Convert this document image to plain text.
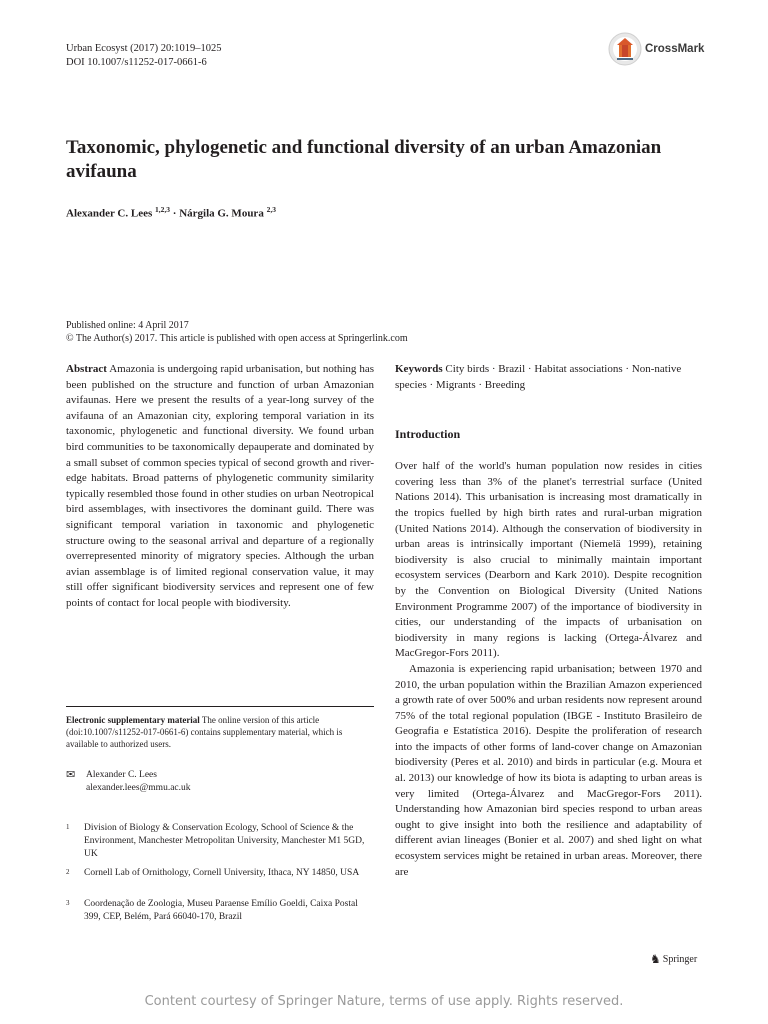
Urban Ecosyst (2017) 20:1019–1025
DOI 10.1007/s11252-017-0661-6
CrossMark
Taxonomic, phylogenetic and functional diversity of an urban Amazonian avifauna
Alexander C. Lees $^{1,2,3}$ · Nárgila G. Moura $^{2,3}$
Published online: 4 April 2017
© The Author(s) 2017. This article is published with open access at Springerlink.com

Abstract Amazonia is undergoing rapid urbanisation, but nothing has been published on the structure and function of urban Amazonian avifaunas. Here we present the results of a year-long survey of the avifauna of an Amazonian city, exploring temporal variation in its taxonomic, phylogenetic and functional diversity. We found urban bird communities to be taxonomically depauperate and dominated by a small subset of common species typical of second growth and river-edge habitats. Broad patterns of phylogenetic community similarity typically resembled those found in other studies on urban Neotropical bird assemblages, with insectivores the dominant guild. There was significant temporal variation in taxonomic and phylogenetic structure owing to the seasonal arrival and departure of a regionally overrepresented minority of migratory species. Although the urban avian assemblage is of limited regional conservation value, it may still offer significant biodiversity services and represent one of few points of contact for local people with biodiversity.

Electronic supplementary material The online version of this article (doi:10.1007/s11252-017-0661-6) contains supplementary material, which is available to authorized users.
✉	Alexander C. Lees
alexander.lees@mmu.ac.uk
1	Division of Biology & Conservation Ecology, School of Science & the Environment, Manchester Metropolitan University, Manchester M1 5GD, UK
2	Cornell Lab of Ornithology, Cornell University, Ithaca, NY 14850, USA
3	Coordenação de Zoologia, Museu Paraense Emílio Goeldi, Caixa Postal 399, CEP, Belém, Pará 66040-170, Brazil

Keywords City birds · Brazil · Habitat associations · Non-native species · Migrants · Breeding

Introduction

Over half of the world's human population now resides in cities covering less than 3% of the planet's terrestrial surface (United Nations 2014). This urbanisation is increasing most dramatically in the tropics fuelled by high birth rates and rural-urban migration (United Nations 2014). Although the conservation of biodiversity in urban areas is intrinsically important (Niemelä 1999), retaining biodiversity is also crucial to minimally maintain important ecosystem services (Dearborn and Kark 2010). Despite recognition by the Convention on Biological Diversity (United Nations Environment Programme 2007) of the importance of biodiversity in cities, our understanding of the impacts of urbanisation on biodiversity in many regions is lacking (Ortega-Álvarez and MacGregor-Fors 2011).

Amazonia is experiencing rapid urbanisation; between 1970 and 2010, the urban population within the Brazilian Amazon experienced a growth rate of over 500% and urban residents now represent around 75% of the total regional population (IBGE - Instituto Brasileiro de Geografia e Estatística 2016). Despite the proliferation of research into the impacts of other forms of land-cover change on Amazonian biodiversity (Peres et al. 2010) and birds in particular (e.g. Moura et al. 2013) our knowledge of how its biota is adapting to urban areas is very limited (Ortega-Álvarez and MacGregor-Fors 2011). Understanding how Amazonian bird species respond to urban areas ought to give insight into both the resilience and adaptability of different avian lineages (Bonier et al. 2007) and shed light on what ecosystem services might be retained in urban areas. Moreover, there are

♞ Springer
Content courtesy of Springer Nature, terms of use apply. Rights reserved.
